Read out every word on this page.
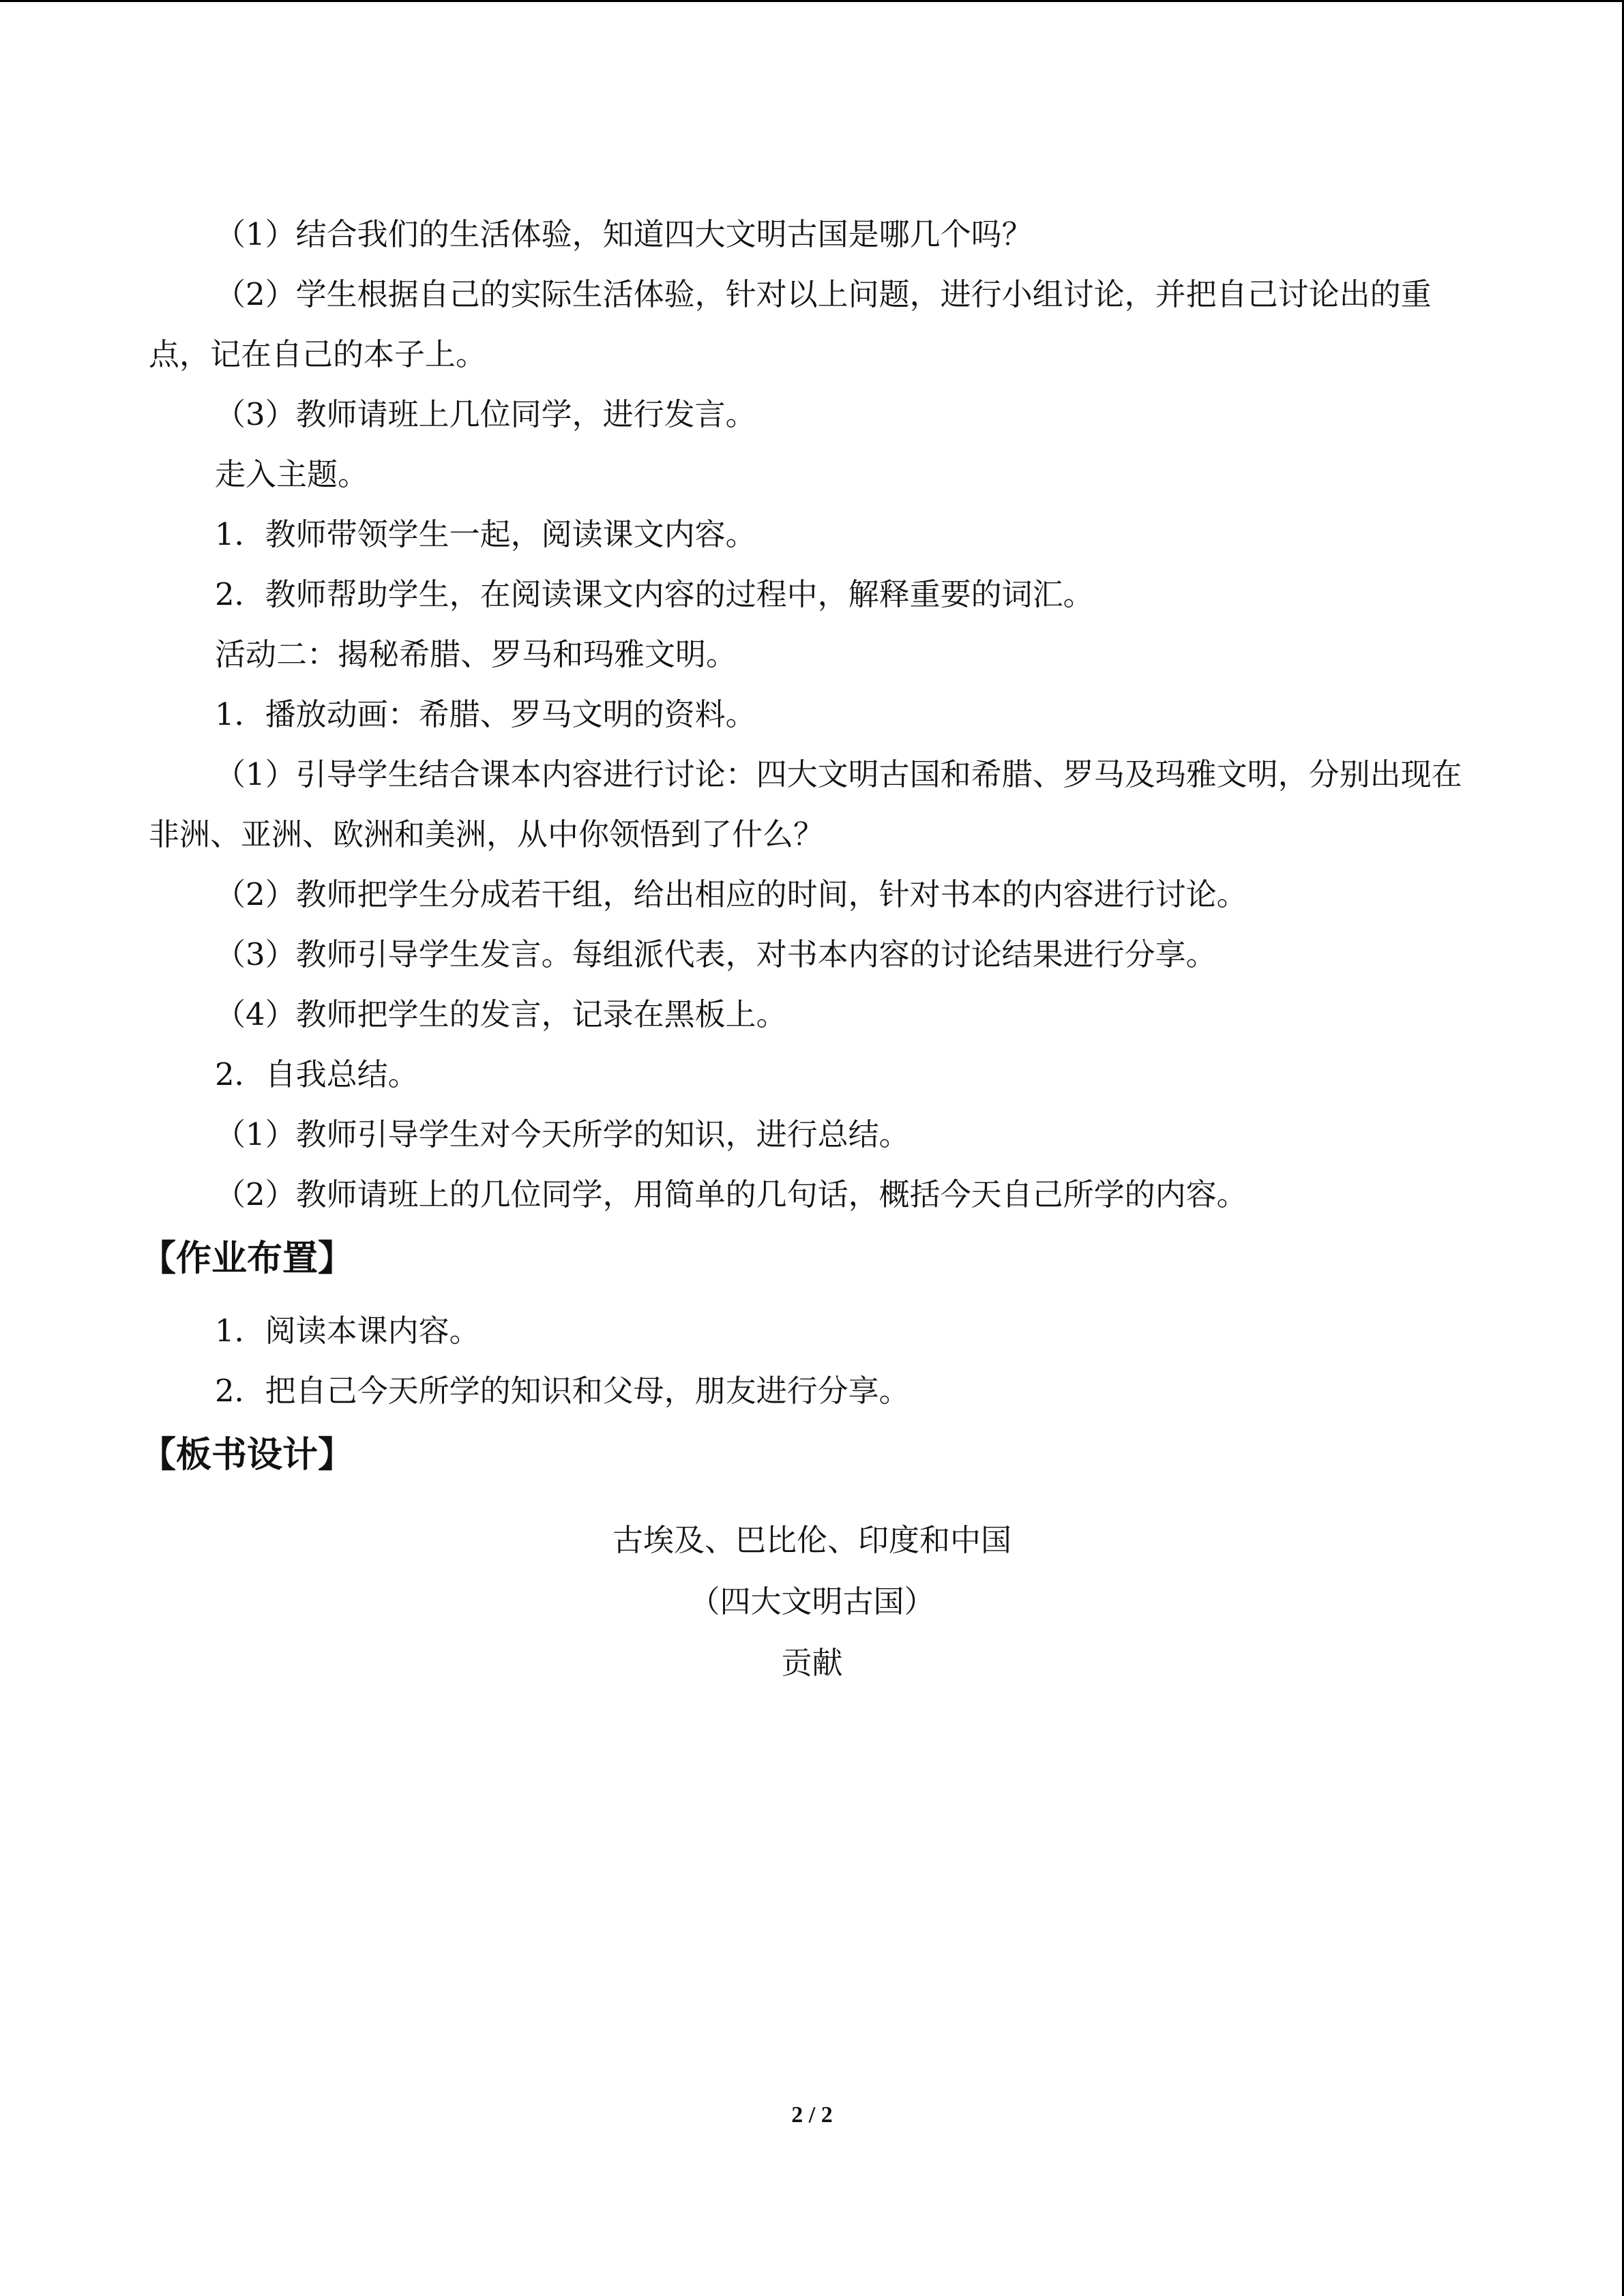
（1）结合我们的生活体验，知道四大文明古国是哪几个吗？
（2）学生根据自己的实际生活体验，针对以上问题，进行小组讨论，并把自己讨论出的重点，记在自己的本子上。
（3）教师请班上几位同学，进行发言。
走入主题。
1．教师带领学生一起，阅读课文内容。
2．教师帮助学生，在阅读课文内容的过程中，解释重要的词汇。
活动二：揭秘希腊、罗马和玛雅文明。
1．播放动画：希腊、罗马文明的资料。
（1）引导学生结合课本内容进行讨论：四大文明古国和希腊、罗马及玛雅文明，分别出现在非洲、亚洲、欧洲和美洲，从中你领悟到了什么？
（2）教师把学生分成若干组，给出相应的时间，针对书本的内容进行讨论。
（3）教师引导学生发言。每组派代表，对书本内容的讨论结果进行分享。
（4）教师把学生的发言，记录在黑板上。
2．自我总结。
（1）教师引导学生对今天所学的知识，进行总结。
（2）教师请班上的几位同学，用简单的几句话，概括今天自己所学的内容。
【作业布置】
1．阅读本课内容。
2．把自己今天所学的知识和父母，朋友进行分享。
【板书设计】
古埃及、巴比伦、印度和中国
（四大文明古国）
贡献
2 / 2
